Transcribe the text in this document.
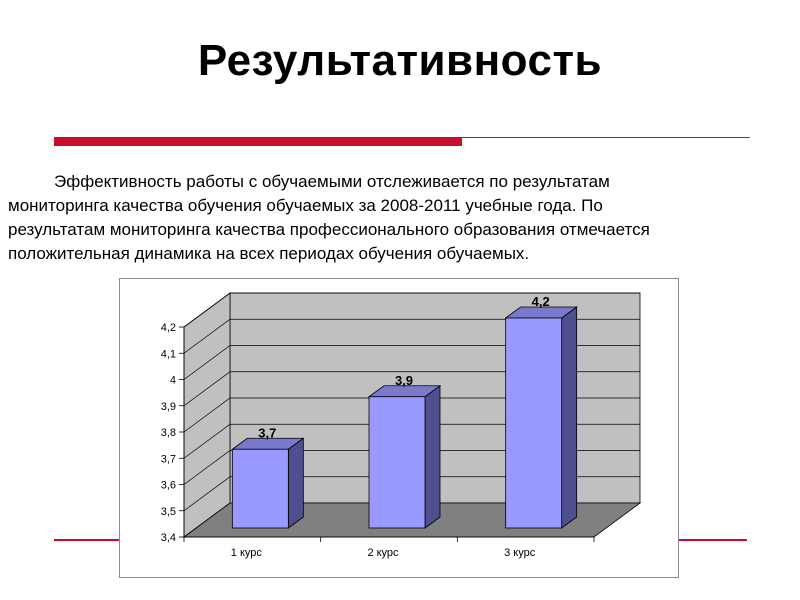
Результативность
Эффективность работы с обучаемыми отслеживается по результатам
мониторинга качества обучения обучаемых за 2008-2011 учебные года. По
результатам мониторинга качества профессионального образования отмечается
положительная динамика на всех периодах обучения обучаемых.
3,4
3,5
3,6
3,7
3,8
3,9
4
4,1
4,2
3,7
1 курс
3,9
2 курс
4,2
3 курс
